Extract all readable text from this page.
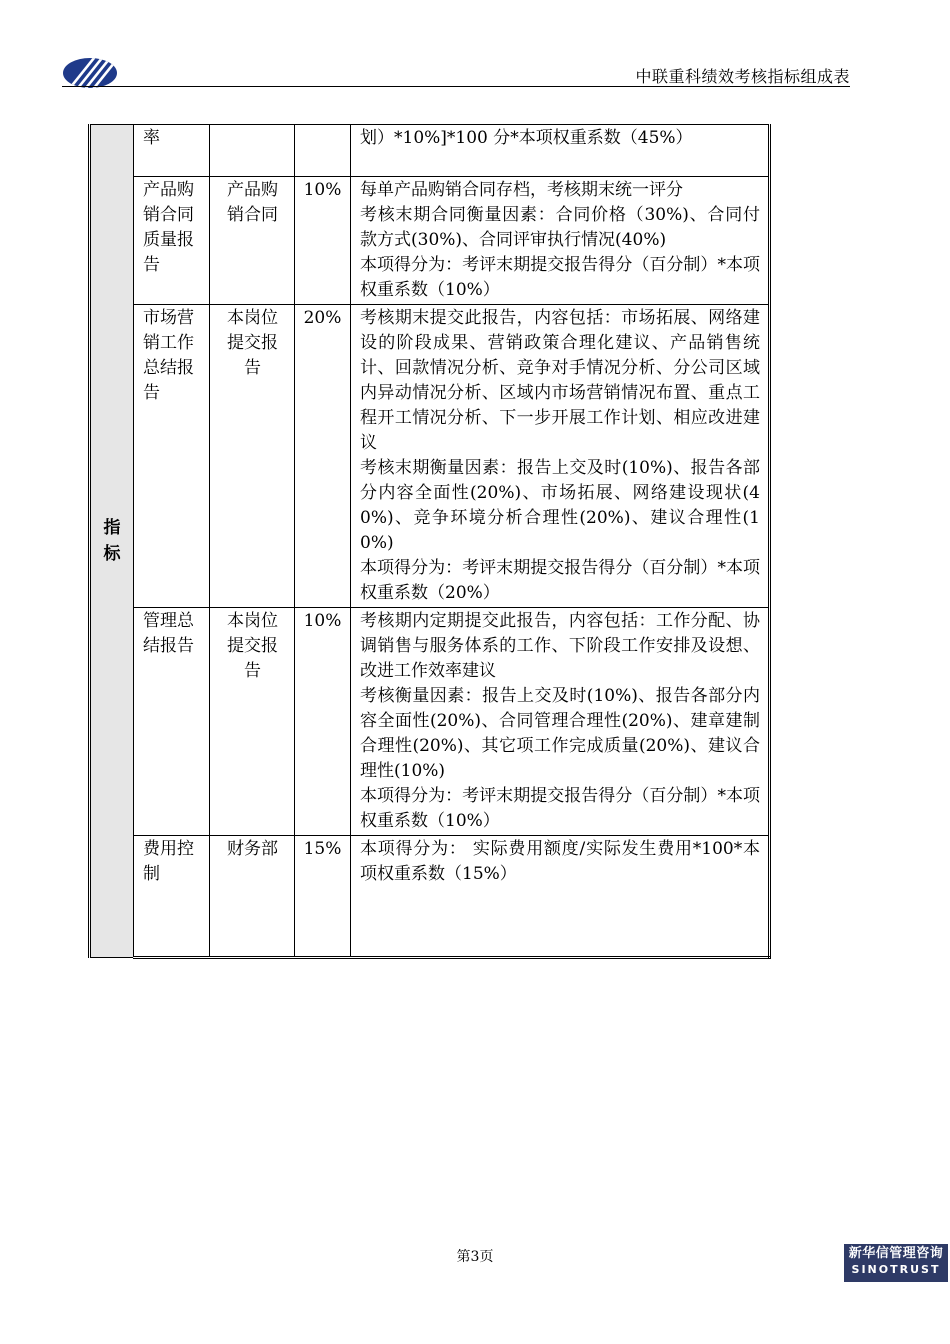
中联重科绩效考核指标组成表
指
标	率			划）*10%]*100 分*本项权重系数（45%）

	产品购销合同质量报告	产品购销合同	10%	每单产品购销合同存档，考核期末统一评分

考核末期合同衡量因素：合同价格（30%)、合同付款方式(30%)、合同评审执行情况(40%)

本项得分为：考评末期提交报告得分（百分制）*本项权重系数（10%）

	市场营销工作总结报告	本岗位提交报告	20%	考核期末提交此报告，内容包括：市场拓展、网络建设的阶段成果、营销政策合理化建议、产品销售统计、回款情况分析、竞争对手情况分析、分公司区域内异动情况分析、区域内市场营销情况布置、重点工程开工情况分析、下一步开展工作计划、相应改进建议

考核末期衡量因素：报告上交及时(10%)、报告各部分内容全面性(20%)、市场拓展、网络建设现状(40%)、竞争环境分析合理性(20%)、建议合理性(10%)

本项得分为：考评末期提交报告得分（百分制）*本项权重系数（20%）

	管理总结报告	本岗位提交报告	10%	考核期内定期提交此报告，内容包括：工作分配、协调销售与服务体系的工作、下阶段工作安排及设想、改进工作效率建议

考核衡量因素：报告上交及时(10%)、报告各部分内容全面性(20%)、合同管理合理性(20%)、建章建制合理性(20%)、其它项工作完成质量(20%)、建议合理性(10%)

本项得分为：考评末期提交报告得分（百分制）*本项权重系数（10%）

	费用控制	财务部	15%	本项得分为： 实际费用额度/实际发生费用*100*本项权重系数（15%）

第3页	新华信管理咨询
SINOTRUST
